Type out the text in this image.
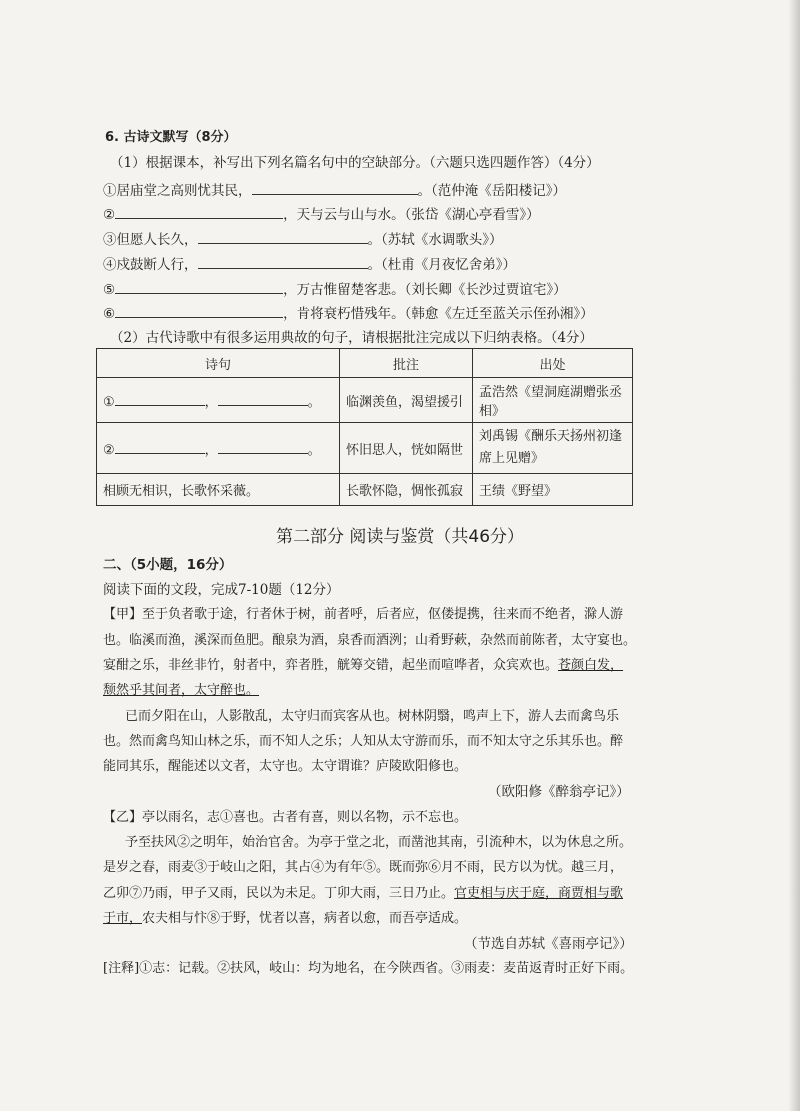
6. 古诗文默写（8分）
（1）根据课本，补写出下列名篇名句中的空缺部分。（六题只选四题作答）（4分）
①居庙堂之高则忧其民，	。（范仲淹《岳阳楼记》）
②	，天与云与山与水。（张岱《湖心亭看雪》）
③但愿人长久，	。（苏轼《水调歌头》）
④戍鼓断人行，	。（杜甫《月夜忆舍弟》）
⑤	，万古惟留楚客悲。（刘长卿《长沙过贾谊宅》）
⑥	，肯将衰朽惜残年。（韩愈《左迁至蓝关示侄孙湘》）
（2）古代诗歌中有很多运用典故的句子，请根据批注完成以下归纳表格。（4分）
诗句	批注	出处
① ， 。	临渊羡鱼，渴望援引	孟浩然《望洞庭湖赠张丞相》
② ， 。	怀旧思人，恍如隔世	刘禹锡《酬乐天扬州初逢席上见赠》
相顾无相识，长歌怀采薇。	长歌怀隐，惆怅孤寂	王绩《野望》
第二部分 阅读与鉴赏（共46分）
二、（5小题，16分）
阅读下面的文段，完成7-10题（12分）
【甲】至于负者歌于途，行者休于树，前者呼，后者应，伛偻提携，往来而不绝者，滁人游
也。临溪而渔，溪深而鱼肥。酿泉为酒，泉香而酒洌；山肴野蔌，杂然而前陈者，太守宴也。
宴酣之乐，非丝非竹，射者中，弈者胜，觥筹交错，起坐而喧哗者，众宾欢也。苍颜白发，
颓然乎其间者，太守醉也。
已而夕阳在山，人影散乱，太守归而宾客从也。树林阴翳，鸣声上下，游人去而禽鸟乐
也。然而禽鸟知山林之乐，而不知人之乐；人知从太守游而乐，而不知太守之乐其乐也。醉
能同其乐，醒能述以文者，太守也。太守谓谁？庐陵欧阳修也。
（欧阳修《醉翁亭记》）
【乙】亭以雨名，志①喜也。古者有喜，则以名物，示不忘也。
予至扶风②之明年，始治官舍。为亭于堂之北，而凿池其南，引流种木，以为休息之所。
是岁之春，雨麦③于岐山之阳，其占④为有年⑤。既而弥⑥月不雨，民方以为忧。越三月，
乙卯⑦乃雨，甲子又雨，民以为未足。丁卯大雨，三日乃止。官吏相与庆于庭，商贾相与歌
于市，农夫相与忭⑧于野，忧者以喜，病者以愈，而吾亭适成。
（节选自苏轼《喜雨亭记》）
[注释]①志：记载。②扶风，岐山：均为地名，在今陕西省。③雨麦：麦苗返青时正好下雨。
